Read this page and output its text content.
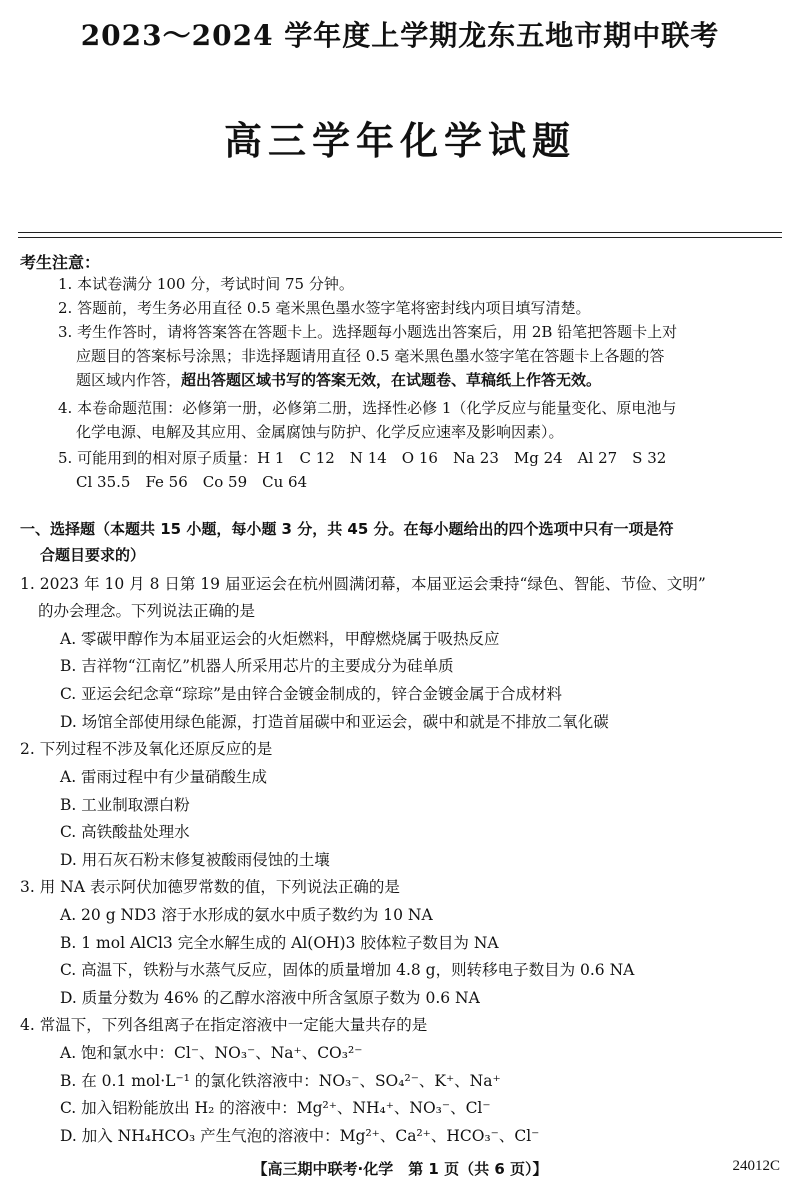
2023～2024 学年度上学期龙东五地市期中联考
高三学年化学试题
考生注意：
1. 本试卷满分 100 分，考试时间 75 分钟。
2. 答题前，考生务必用直径 0.5 毫米黑色墨水签字笔将密封线内项目填写清楚。
3. 考生作答时，请将答案答在答题卡上。选择题每小题选出答案后，用 2B 铅笔把答题卡上对
应题目的答案标号涂黑；非选择题请用直径 0.5 毫米黑色墨水签字笔在答题卡上各题的答
题区域内作答，超出答题区域书写的答案无效，在试题卷、草稿纸上作答无效。
4. 本卷命题范围：必修第一册，必修第二册，选择性必修 1（化学反应与能量变化、原电池与
化学电源、电解及其应用、金属腐蚀与防护、化学反应速率及影响因素）。
5. 可能用到的相对原子质量：H 1　C 12　N 14　O 16　Na 23　Mg 24　Al 27　S 32
Cl 35.5　Fe 56　Co 59　Cu 64
一、选择题（本题共 15 小题，每小题 3 分，共 45 分。在每小题给出的四个选项中只有一项是符
合题目要求的）
1. 2023 年 10 月 8 日第 19 届亚运会在杭州圆满闭幕，本届亚运会秉持“绿色、智能、节俭、文明”
的办会理念。下列说法正确的是
A. 零碳甲醇作为本届亚运会的火炬燃料，甲醇燃烧属于吸热反应
B. 吉祥物“江南忆”机器人所采用芯片的主要成分为硅单质
C. 亚运会纪念章“琮琮”是由锌合金镀金制成的，锌合金镀金属于合成材料
D. 场馆全部使用绿色能源，打造首届碳中和亚运会，碳中和就是不排放二氧化碳
2. 下列过程不涉及氧化还原反应的是
A. 雷雨过程中有少量硝酸生成
B. 工业制取漂白粉
C. 高铁酸盐处理水
D. 用石灰石粉末修复被酸雨侵蚀的土壤
3. 用 NA 表示阿伏加德罗常数的值，下列说法正确的是
A. 20 g ND3 溶于水形成的氨水中质子数约为 10 NA
B. 1 mol AlCl3 完全水解生成的 Al(OH)3 胶体粒子数目为 NA
C. 高温下，铁粉与水蒸气反应，固体的质量增加 4.8 g，则转移电子数目为 0.6 NA
D. 质量分数为 46% 的乙醇水溶液中所含氢原子数为 0.6 NA
4. 常温下，下列各组离子在指定溶液中一定能大量共存的是
A. 饱和氯水中：Cl⁻、NO₃⁻、Na⁺、CO₃²⁻
B. 在 0.1 mol·L⁻¹ 的氯化铁溶液中：NO₃⁻、SO₄²⁻、K⁺、Na⁺
C. 加入铝粉能放出 H₂ 的溶液中：Mg²⁺、NH₄⁺、NO₃⁻、Cl⁻
D. 加入 NH₄HCO₃ 产生气泡的溶液中：Mg²⁺、Ca²⁺、HCO₃⁻、Cl⁻
【高三期中联考·化学　第 1 页（共 6 页）】	24012C
